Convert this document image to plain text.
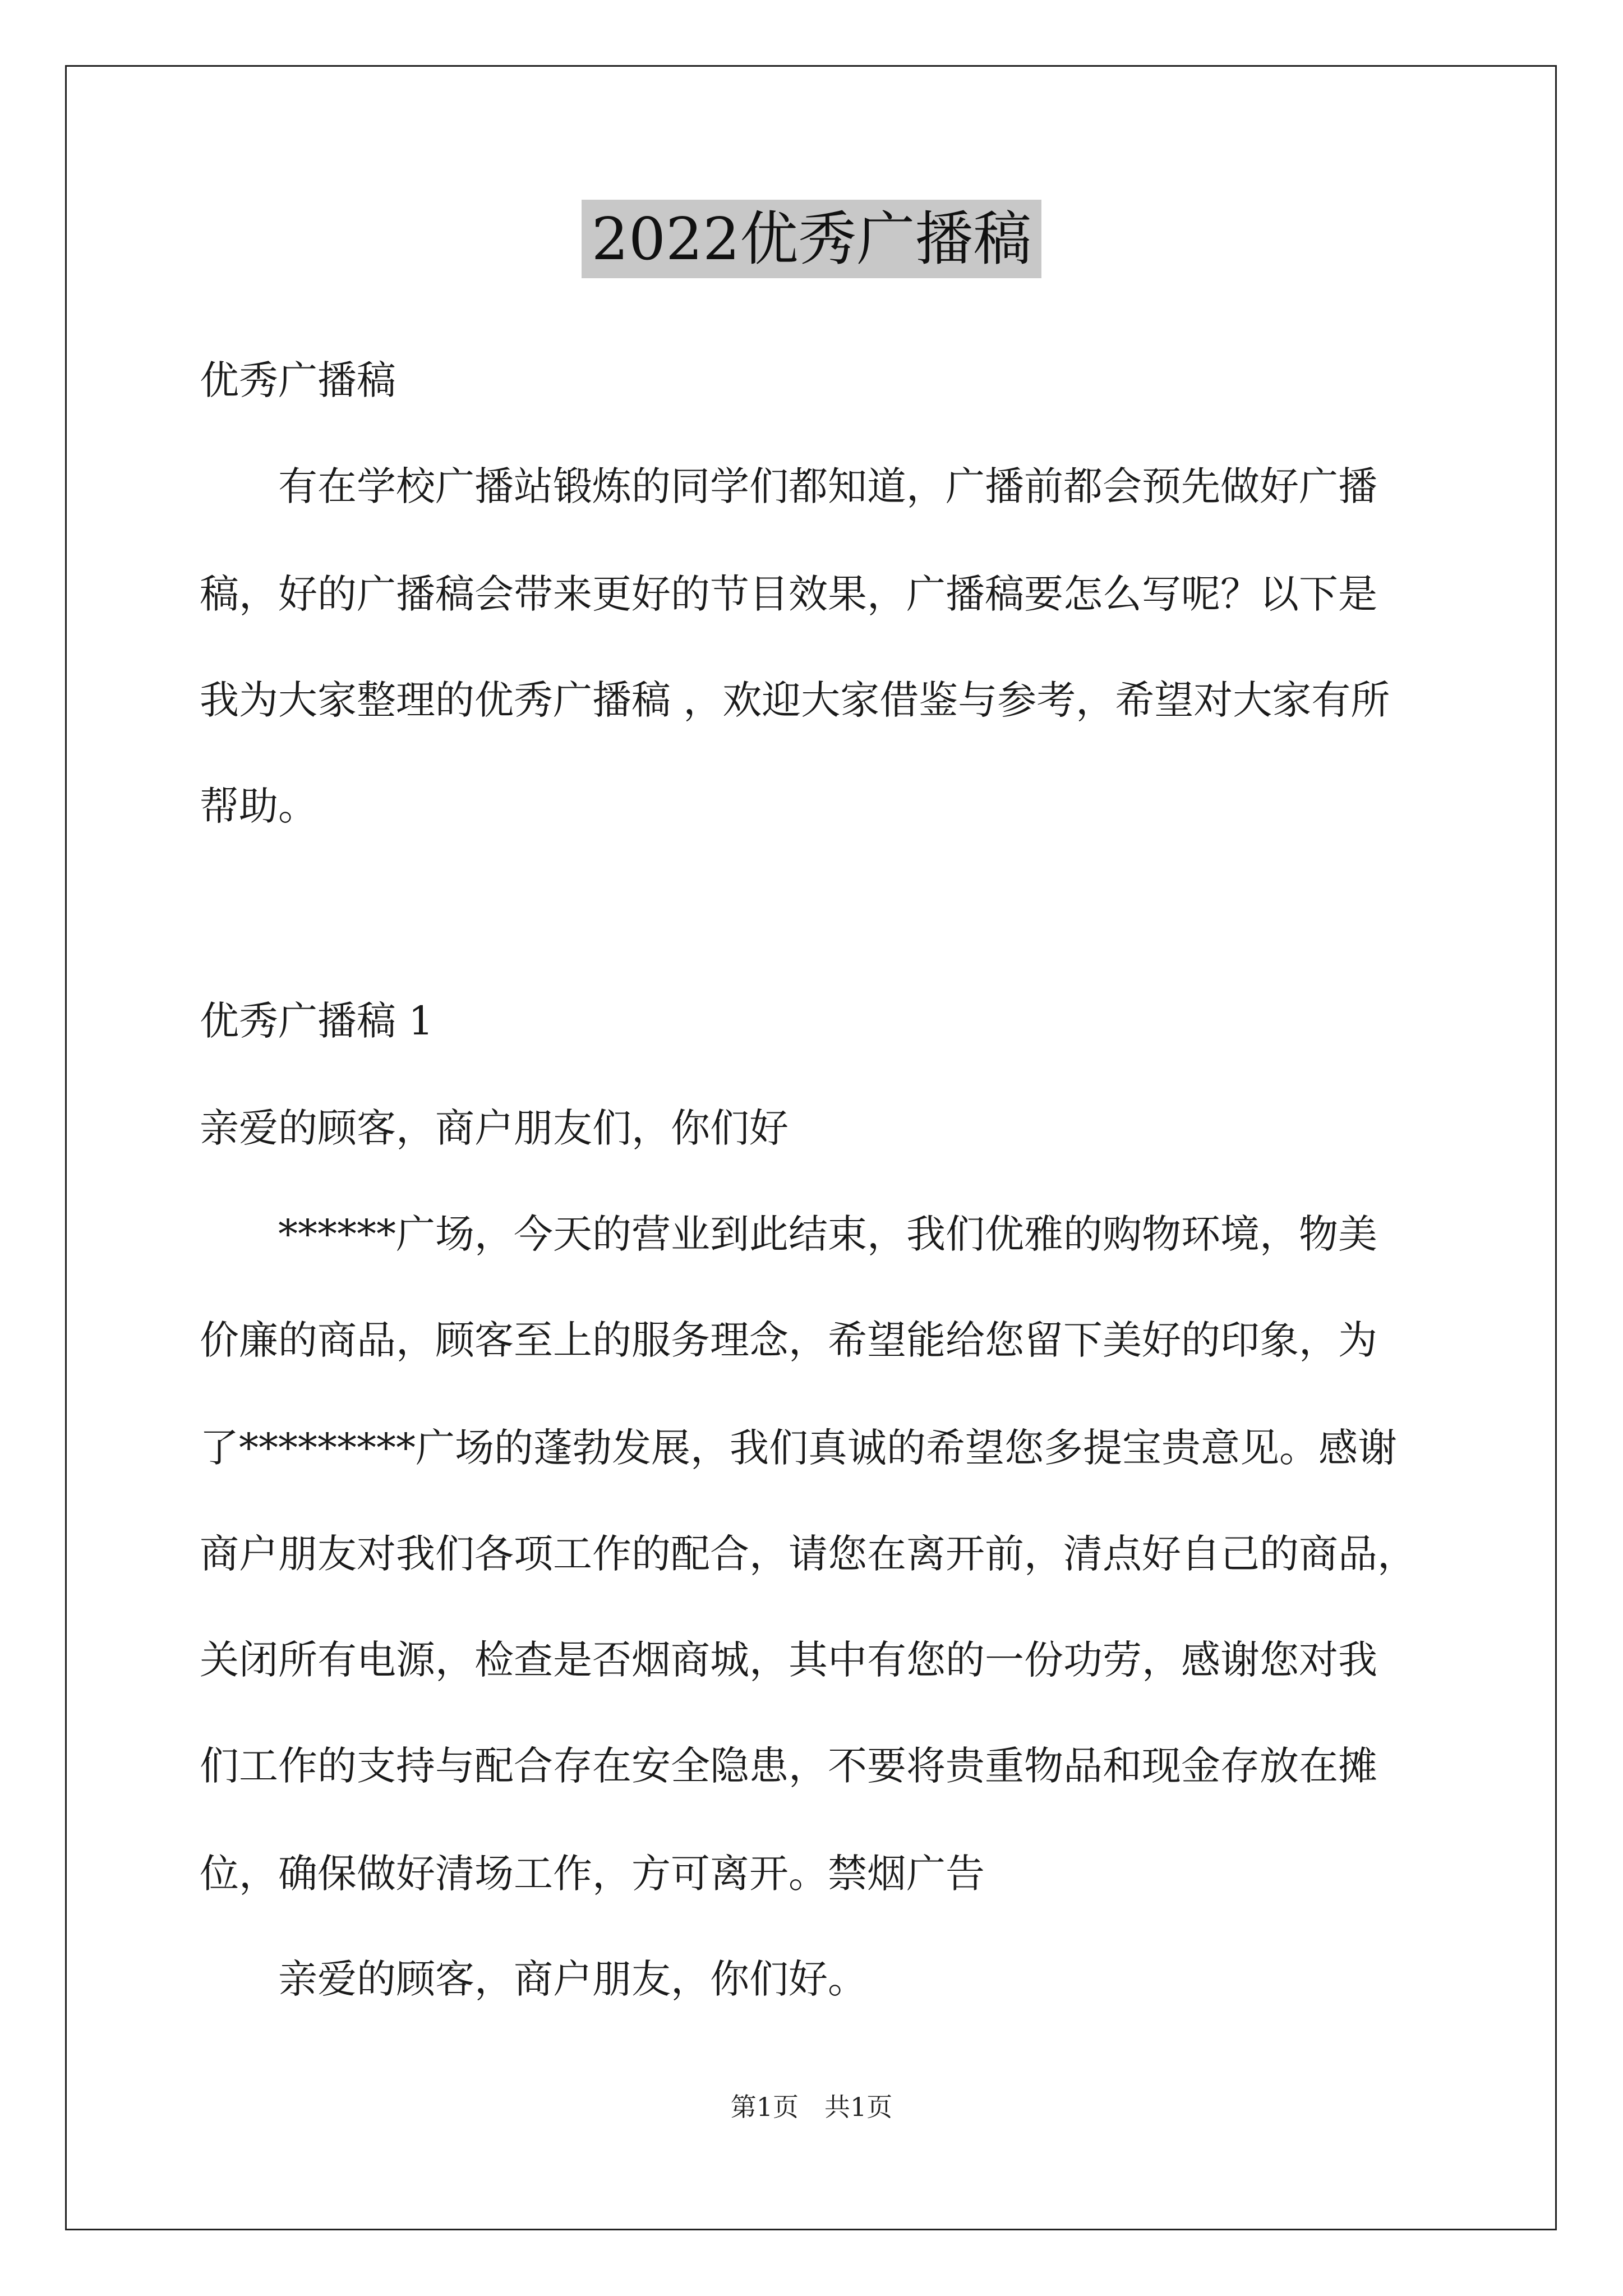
2022优秀广播稿
优秀广播稿
有在学校广播站锻炼的同学们都知道，广播前都会预先做好广播
稿，好的广播稿会带来更好的节目效果，广播稿要怎么写呢？以下是
我为大家整理的优秀广播稿 ，欢迎大家借鉴与参考，希望对大家有所
帮助。
优秀广播稿 1
亲爱的顾客，商户朋友们，你们好
******广场，今天的营业到此结束，我们优雅的购物环境，物美
价廉的商品，顾客至上的服务理念，希望能给您留下美好的印象，为
了*********广场的蓬勃发展，我们真诚的希望您多提宝贵意见。感谢
商户朋友对我们各项工作的配合，请您在离开前，清点好自己的商品，
关闭所有电源，检查是否烟商城，其中有您的一份功劳，感谢您对我
们工作的支持与配合存在安全隐患，不要将贵重物品和现金存放在摊
位，确保做好清场工作，方可离开。禁烟广告
亲爱的顾客，商户朋友，你们好。
第1页　共1页
